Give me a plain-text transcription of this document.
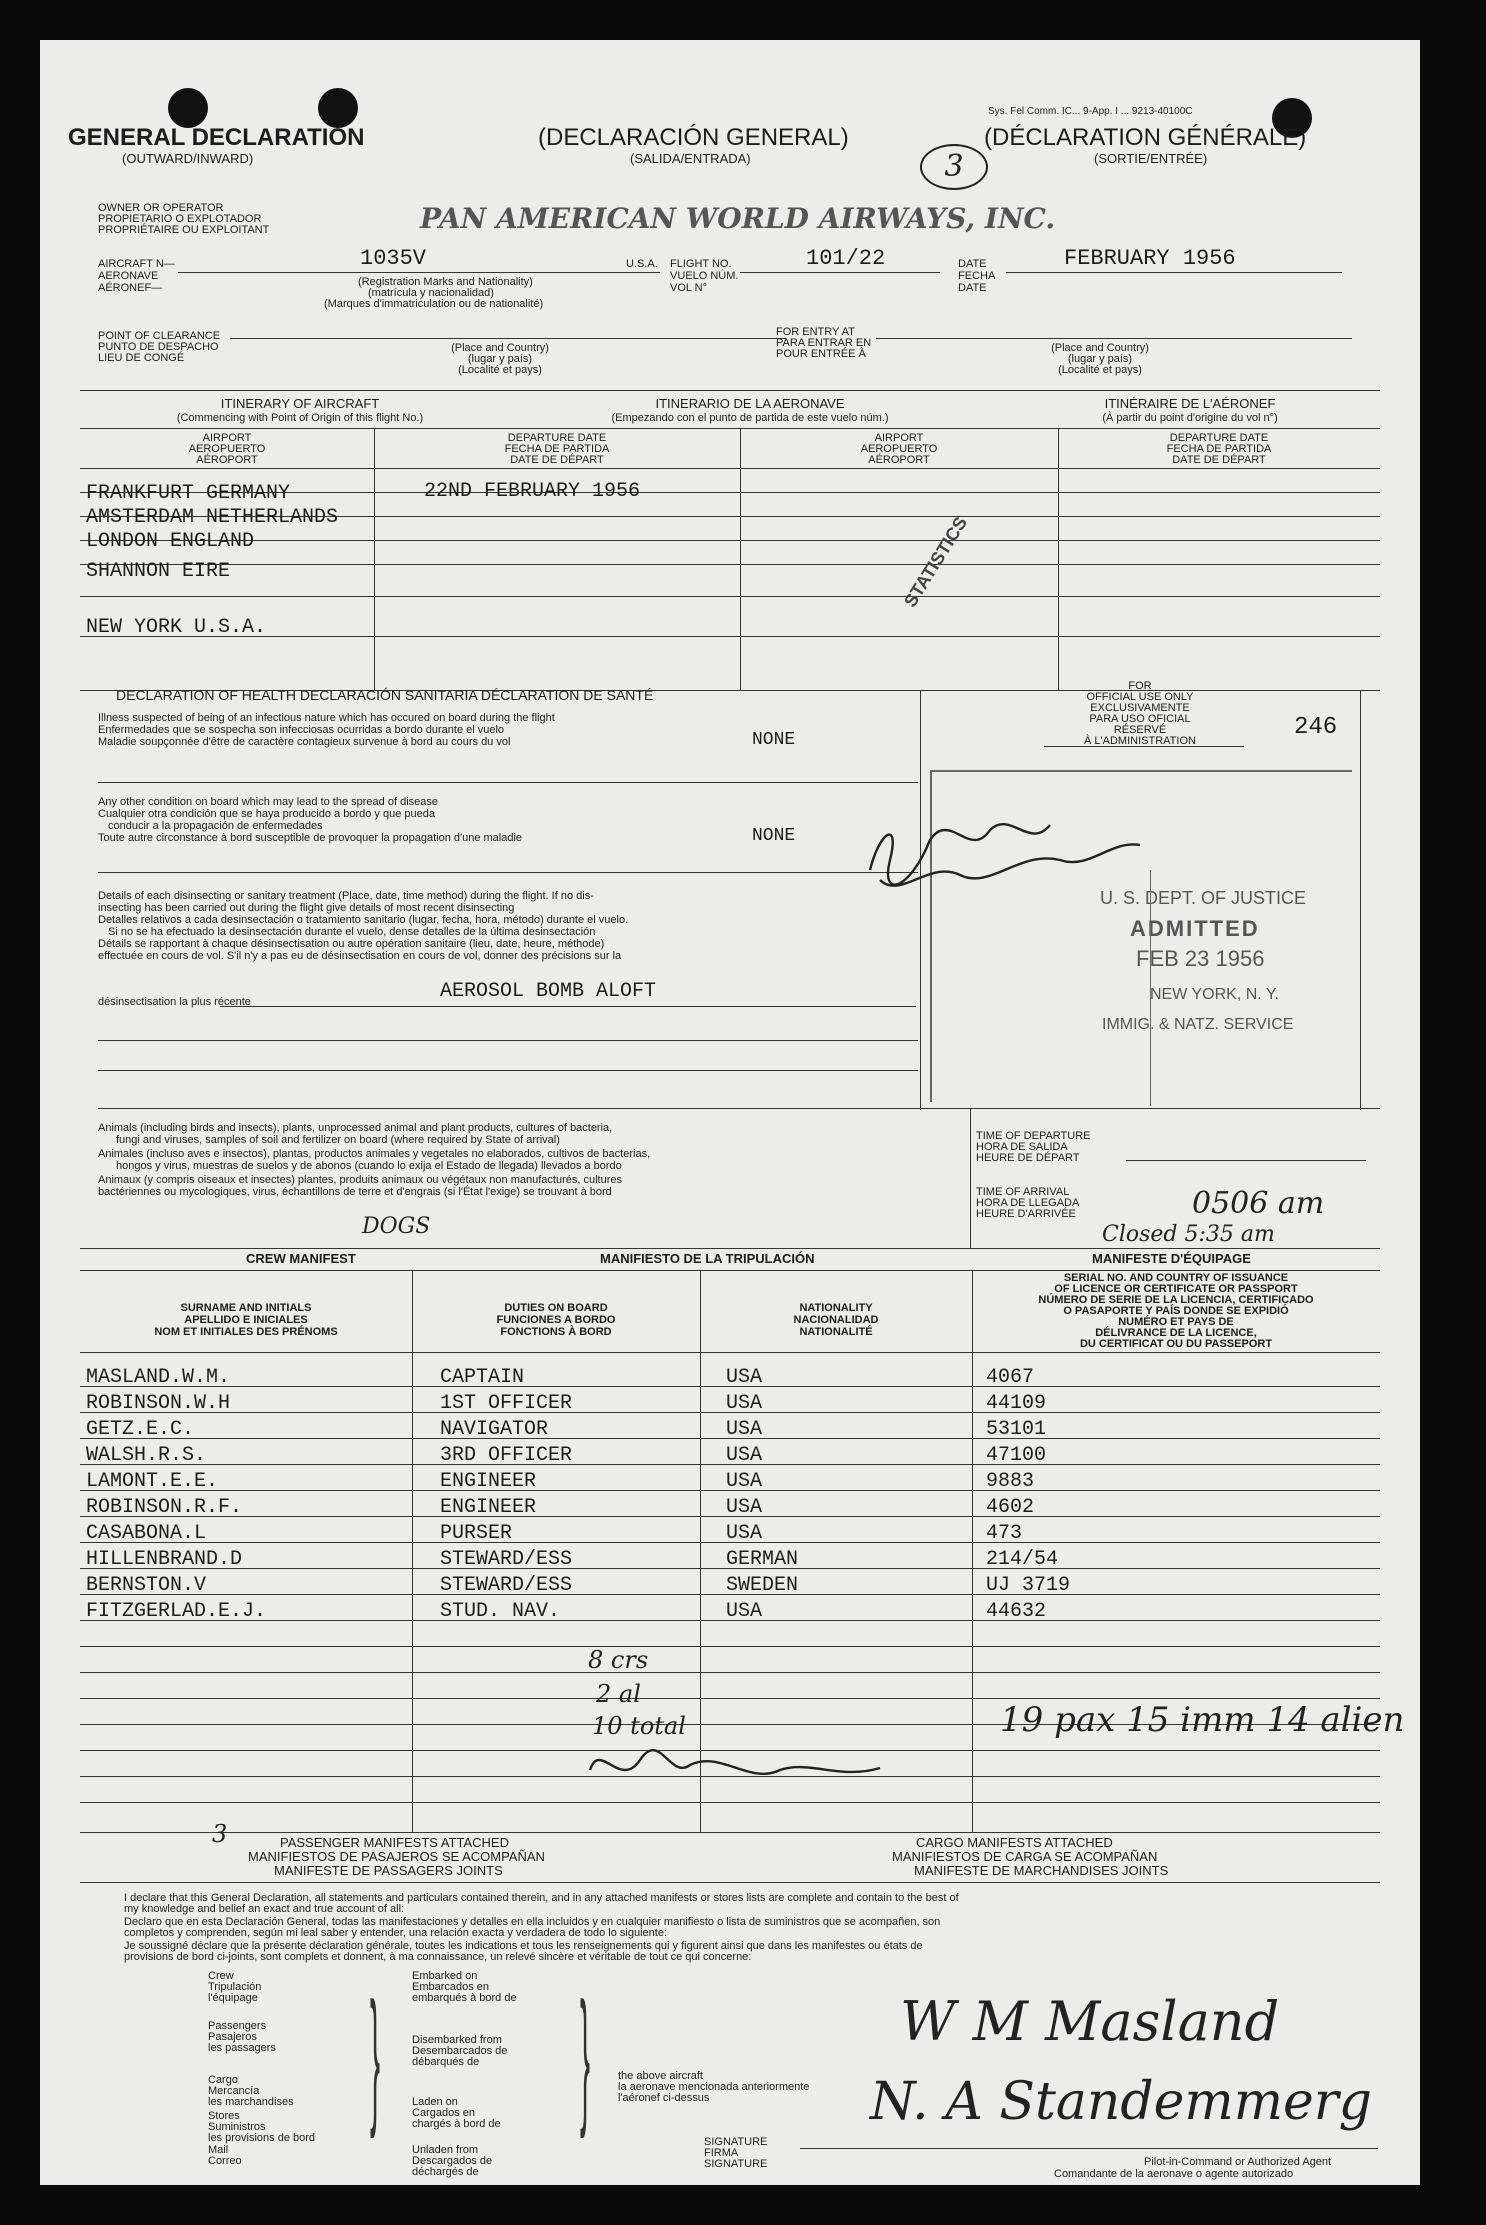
Sys. Fel Comm. IC... 9-App. I ... 9213-40100C
GENERAL DECLARATION
(OUTWARD/INWARD)
(DECLARACIÓN GENERAL)
(SALIDA/ENTRADA)
(DÉCLARATION GÉNÉRALE)
(SORTIE/ENTRÉE)
3
OWNER OR OPERATOR
PROPIETARIO O EXPLOTADOR
PROPRIÉTAIRE OU EXPLOITANT	PAN AMERICAN WORLD AIRWAYS, INC.
AIRCRAFT N—
AERONAVE
AÉRONEF—
1035V	U.S.A.
(Registration Marks and Nationality)
(matrícula y nacionalidad)
(Marques d'immatriculation ou de nationalité)
FLIGHT NO.
VUELO NÚM.
VOL N°
101/22	DATE
FECHA
DATE
FEBRUARY 1956
POINT OF CLEARANCE
PUNTO DE DESPACHO
LIEU DE CONGÉ
(Place and Country)
(lugar y país)
(Localité et pays)
FOR ENTRY AT
PARA ENTRAR EN
POUR ENTRÉE À	(Place and Country)
(lugar y país)
(Localité et pays)
ITINERARY OF AIRCRAFT
(Commencing with Point of Origin of this flight No.)
ITINERARIO DE LA AERONAVE
(Empezando con el punto de partida de este vuelo núm.)
ITINÉRAIRE DE L'AÉRONEF
(À partir du point d'origine du vol n°)
AIRPORT
AEROPUERTO
AÉROPORT
DEPARTURE DATE
FECHA DE PARTIDA
DATE DE DÉPART
AIRPORT
AEROPUERTO
AÉROPORT
DEPARTURE DATE
FECHA DE PARTIDA
DATE DE DÉPART
FRANKFURT GERMANY	22ND FEBRUARY 1956
AMSTERDAM NETHERLANDS
LONDON ENGLAND
SHANNON EIRE
NEW YORK U.S.A.
STATISTICS
DECLARATION OF HEALTH DECLARACIÓN SANITARIA DÉCLARATION DE SANTÉ
Illness suspected of being of an infectious nature which has occured on board during the flight
Enfermedades que se sospecha son infecciosas ocurridas a bordo durante el vuelo
Maladie soupçonnée d'être de caractère contagieux survenue à bord au cours du vol	NONE
Any other condition on board which may lead to the spread of disease
Cualquier otra condición que se haya producido a bordo y que pueda
conducir a la propagación de enfermedades
Toute autre circonstance à bord susceptible de provoquer la propagation d'une maladie	NONE
Details of each disinsecting or sanitary treatment (Place, date, time method) during the flight. If no dis-
insecting has been carried out during the flight give details of most recent disinsecting
Detalles relativos a cada desinsectación o tratamiento sanitario (lugar, fecha, hora, método) durante el vuelo.
Si no se ha efectuado la desinsectación durante el vuelo, dense detalles de la última desinsectación
Détails se rapportant à chaque désinsectisation ou autre opération sanitaire (lieu, date, heure, méthode)
effectuée en cours de vol. S'il n'y a pas eu de désinsectisation en cours de vol, donner des précisions sur la
désinsectisation la plus récente	AEROSOL BOMB ALOFT
FOR
OFFICIAL USE ONLY
EXCLUSIVAMENTE
PARA USO OFICIAL
RÉSERVÉ
À L'ADMINISTRATION	246
U. S. DEPT. OF JUSTICE
ADMITTED
FEB 23 1956
NEW YORK, N. Y.
IMMIG. & NATZ. SERVICE
Animals (including birds and insects), plants, unprocessed animal and plant products, cultures of bacteria,
fungi and viruses, samples of soil and fertilizer on board (where required by State of arrival)
Animales (incluso aves e insectos), plantas, productos animales y vegetales no elaborados, cultivos de bacterias,
hongos y virus, muestras de suelos y de abonos (cuando lo exija el Estado de llegada) llevados a bordo
Animaux (y compris oiseaux et insectes) plantes, produits animaux ou végétaux non manufacturés, cultures
bactériennes ou mycologiques, virus, échantillons de terre et d'engrais (si l'État l'exige) se trouvant à bord
DOGS
TIME OF DEPARTURE
HORA DE SALIDA
HEURE DE DÉPART
TIME OF ARRIVAL
HORA DE LLEGADA
HEURE D'ARRIVÉE	0506 am
Closed 5:35 am
CREW MANIFEST	MANIFIESTO DE LA TRIPULACIÓN	MANIFESTE D'ÉQUIPAGE
SURNAME AND INITIALS
APELLIDO E INICIALES
NOM ET INITIALES DES PRÉNOMS
DUTIES ON BOARD
FUNCIONES A BORDO
FONCTIONS À BORD
NATIONALITY
NACIONALIDAD
NATIONALITÉ
SERIAL NO. AND COUNTRY OF ISSUANCE
OF LICENCE OR CERTIFICATE OR PASSPORT
NÚMERO DE SERIE DE LA LICENCIA, CERTIFICADO
O PASAPORTE Y PAÍS DONDE SE EXPIDIÓ
NUMÉRO ET PAYS DE
DÉLIVRANCE DE LA LICENCE,
DU CERTIFICAT OU DU PASSEPORT
MASLAND.W.M.	CAPTAIN	USA	4067
ROBINSON.W.H	1ST OFFICER	USA	44109
GETZ.E.C.	NAVIGATOR	USA	53101
WALSH.R.S.	3RD OFFICER	USA	47100
LAMONT.E.E.	ENGINEER	USA	9883
ROBINSON.R.F.	ENGINEER	USA	4602
CASABONA.L	PURSER	USA	473
HILLENBRAND.D	STEWARD/ESS	GERMAN	214/54
BERNSTON.V	STEWARD/ESS	SWEDEN	UJ 3719
FITZGERLAD.E.J.	STUD. NAV.	USA	44632
8 crs
2 al
10 total	19 pax 15 imm 14 alien
3	PASSENGER MANIFESTS ATTACHED
MANIFIESTOS DE PASAJEROS SE ACOMPAÑAN
MANIFESTE DE PASSAGERS JOINTS
CARGO MANIFESTS ATTACHED
MANIFIESTOS DE CARGA SE ACOMPAÑAN
MANIFESTE DE MARCHANDISES JOINTS
I declare that this General Declaration, all statements and particulars contained therein, and in any attached manifests or stores lists are complete and contain to the best of
my knowledge and belief an exact and true account of all:
Declaro que en esta Declaración General, todas las manifestaciones y detalles en ella incluidos y en cualquier manifiesto o lista de suministros que se acompañen, son
completos y comprenden, según mi leal saber y entender, una relación exacta y verdadera de todo lo siguiente:
Je soussigné déclare que la présente déclaration générale, toutes les indications et tous les renseignements qui y figurent ainsi que dans les manifestes ou états de
provisions de bord ci-joints, sont complets et donnent, à ma connaissance, un relevé sincère et véritable de tout ce qui concerne:
Crew
Tripulación
l'équipage
Passengers
Pasajeros
les passagers
Cargo
Mercancía
les marchandises
Stores
Suministros
les provisions de bord
Mail
Correo
}	Embarked on
Embarcados en
embarqués à bord de
Disembarked from
Desembarcados de
débarqués de
Laden on
Cargados en
chargés à bord de
Unladen from
Descargados de
déchargés de
}	the above aircraft
la aeronave mencionada anteriormente
l'aéronef ci-dessus
W M Masland
N. A Standemmerg
SIGNATURE
FIRMA
SIGNATURE	Pilot-in-Command or Authorized Agent
Comandante de la aeronave o agente autorizado
